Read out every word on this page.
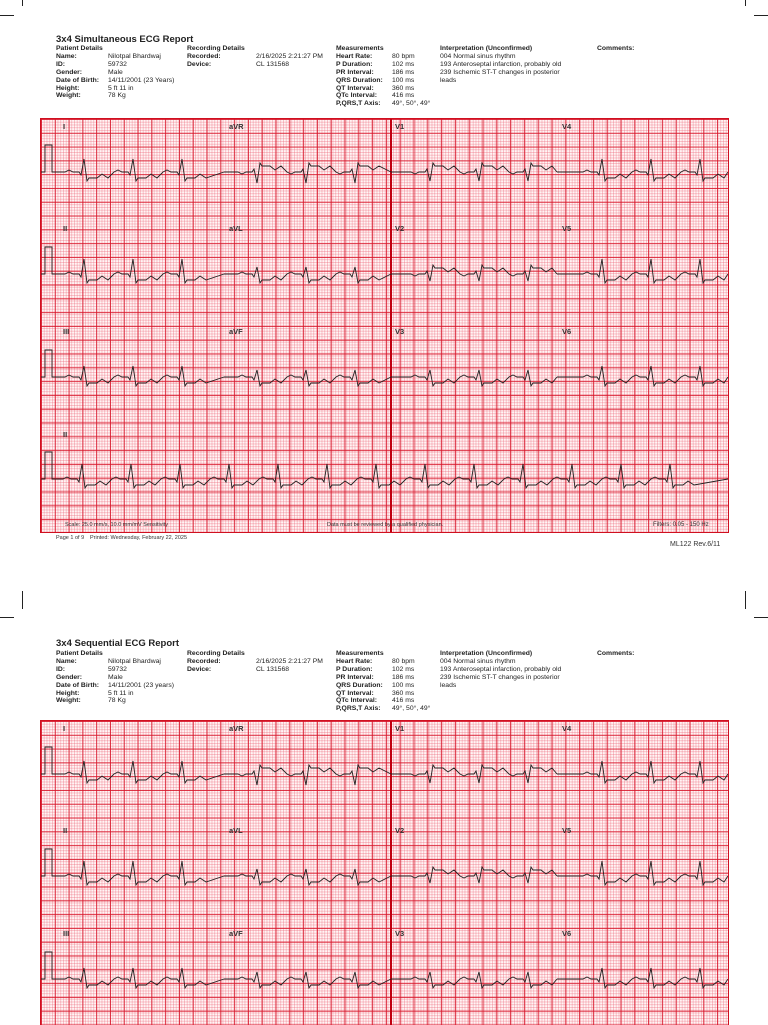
3x4 Simultaneous ECG Report
Patient Details
Name:	Nilotpal Bhardwaj
ID:	59732
Gender:	Male
Date of Birth:	14/11/2001 (23 Years)
Height:	5 ft 11 in
Weight:	78 Kg
Recording Details
Recorded:	2/16/2025 2:21:27 PM
Device:	CL 131568
Measurements
Heart Rate:	80 bpm
P Duration:	102 ms
PR Interval:	186 ms
QRS Duration:	100 ms
QT Interval:	360 ms
QTc Interval:	416 ms
P,QRS,T Axis:	49°, 50°, 49°
Interpretation (Unconfirmed)
004 Normal sinus rhythm
193 Anteroseptal infarction, probably old
239 Ischemic ST-T changes in posterior
leads
Comments:
I	aVR	V1	V4
II	aVL	V2	V5
III	aVF	V3	V6
II
Scale: 25.0 mm/s, 10.0 mm/mV Sensitivity	Data must be reviewed by a qualified physician.	Filters: 0.05 - 150 Hz
Page 1 of 9 Printed: Wednesday, February 22, 2025
ML122 Rev.6/11
3x4 Sequential ECG Report
Patient Details
Name:	Nilotpal Bhardwaj
ID:	59732
Gender:	Male
Date of Birth:	14/11/2001 (23 years)
Height:	5 ft 11 in
Weight:	78 Kg
Recording Details
Recorded:	2/16/2025 2:21:27 PM
Device:	CL 131568
Measurements
Heart Rate:	80 bpm
P Duration:	102 ms
PR Interval:	186 ms
QRS Duration:	100 ms
QT Interval:	360 ms
QTc Interval:	416 ms
P,QRS,T Axis:	49°, 50°, 49°
Interpretation (Unconfirmed)
004 Normal sinus rhythm
193 Anteroseptal infarction, probably old
239 Ischemic ST-T changes in posterior
leads
Comments:
I	aVR	V1	V4
II	aVL	V2	V5
III	aVF	V3	V6
